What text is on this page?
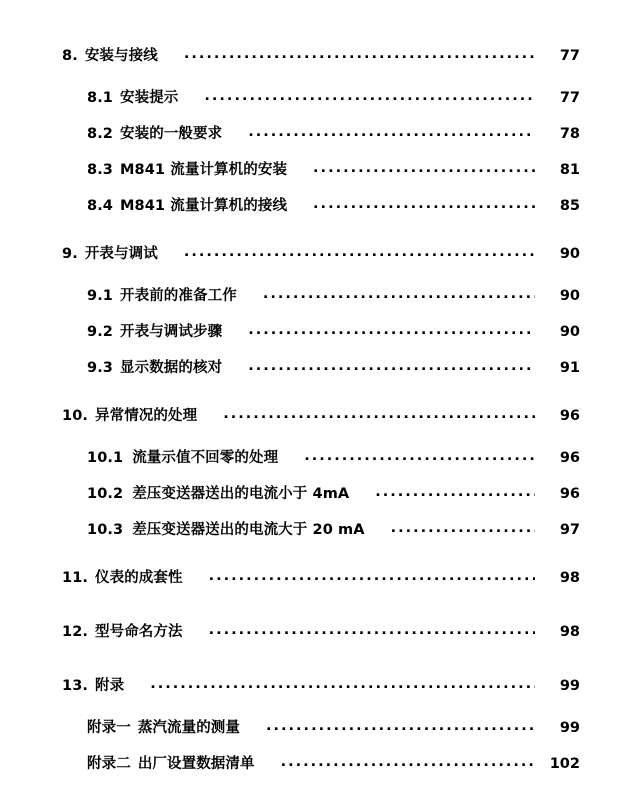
8. 安装与接线 .....	77
8.1 安装提示 .....	77
8.2 安装的一般要求 .....	78
8.3 M841 流量计算机的安装 .....	81
8.4 M841 流量计算机的接线 .....	85
9. 开表与调试 .....	90
9.1 开表前的准备工作 .....	90
9.2 开表与调试步骤 .....	90
9.3 显示数据的核对 .....	91
10. 异常情况的处理 .....	96
10.1 流量示值不回零的处理 .....	96
10.2 差压变送器送出的电流小于 4mA .....	96
10.3 差压变送器送出的电流大于 20 mA .....	97
11. 仪表的成套性 .....	98
12. 型号命名方法 .....	98
13. 附录 .....	99
附录一 蒸汽流量的测量 .....	99
附录二 出厂设置数据清单 .....	102
